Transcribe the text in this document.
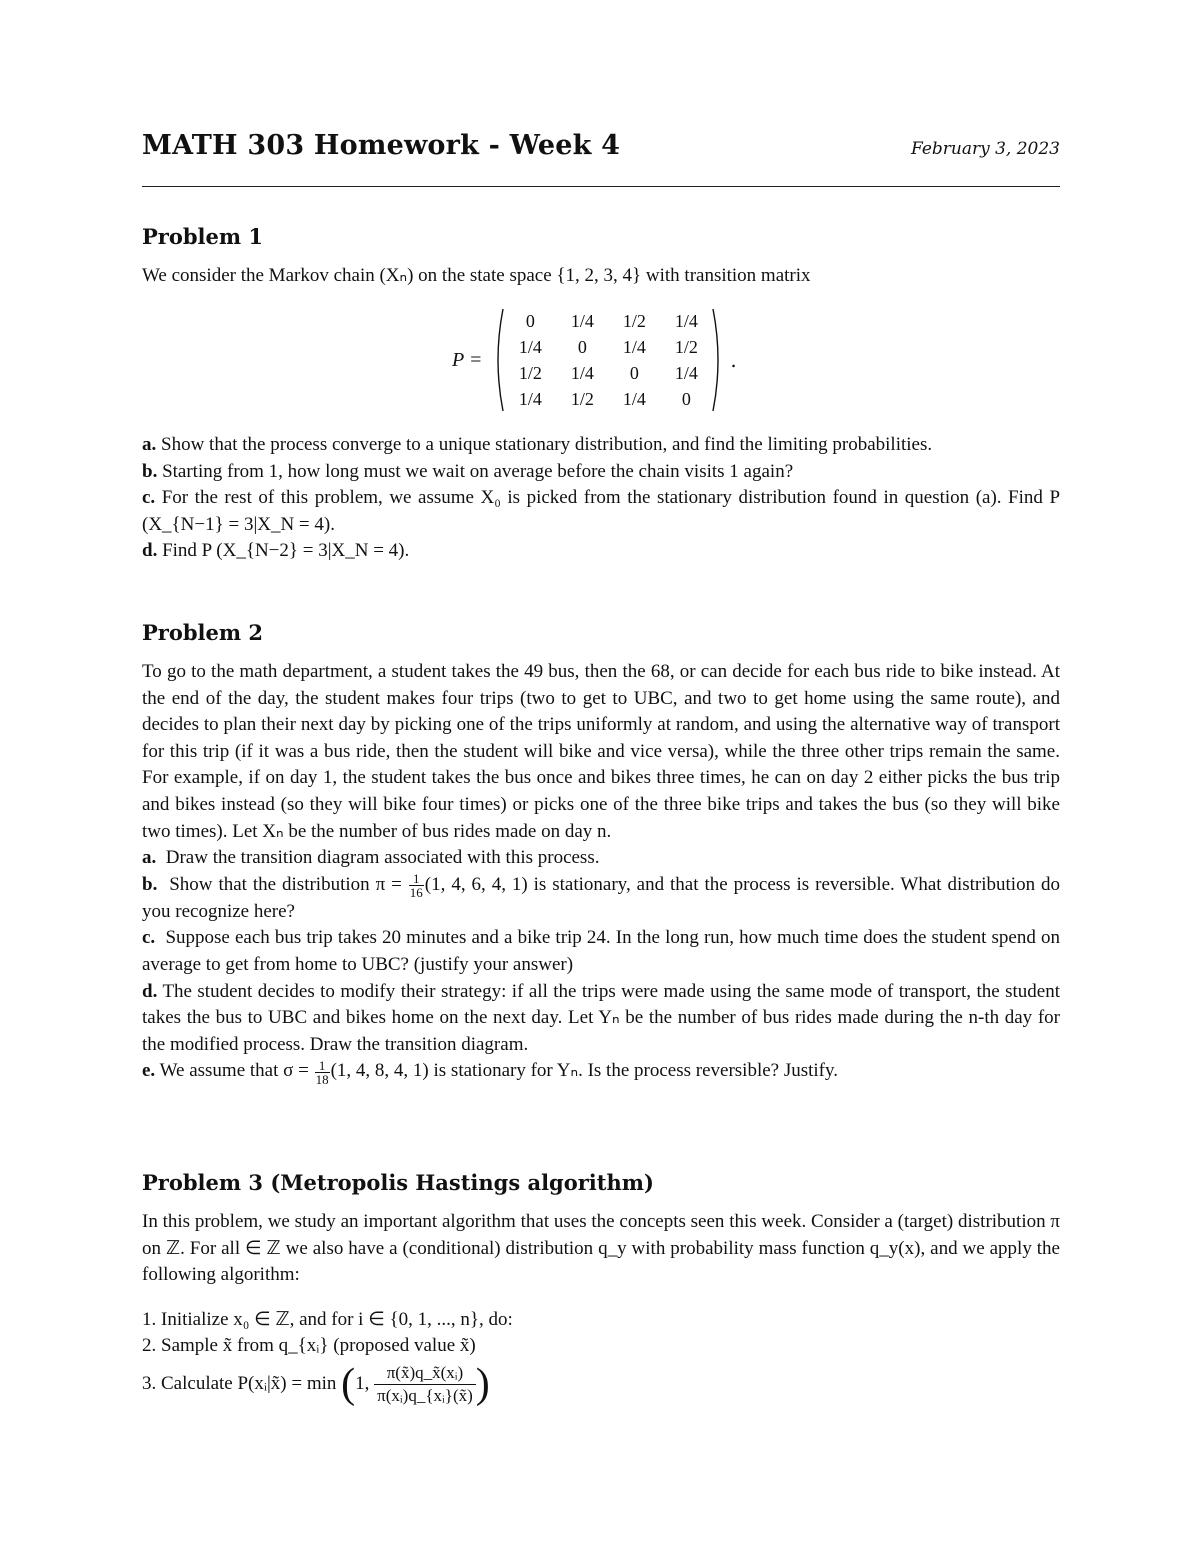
MATH 303 Homework - Week 4	February 3, 2023
Problem 1

We consider the Markov chain (Xₙ) on the state space {1, 2, 3, 4} with transition matrix

P =
0	1/4	1/2	1/4
1/4	0	1/4	1/2
1/2	1/4	0	1/4
1/4	1/2	1/4	0
.

a. Show that the process converge to a unique stationary distribution, and find the limiting probabilities.

b. Starting from 1, how long must we wait on average before the chain visits 1 again?

c. For the rest of this problem, we assume X₀ is picked from the stationary distribution found in question (a). Find P (X_{N−1} = 3|X_N = 4).

d. Find P (X_{N−2} = 3|X_N = 4).

Problem 2

To go to the math department, a student takes the 49 bus, then the 68, or can decide for each bus ride to bike instead. At the end of the day, the student makes four trips (two to get to UBC, and two to get home using the same route), and decides to plan their next day by picking one of the trips uniformly at random, and using the alternative way of transport for this trip (if it was a bus ride, then the student will bike and vice versa), while the three other trips remain the same. For example, if on day 1, the student takes the bus once and bikes three times, he can on day 2 either picks the bus trip and bikes instead (so they will bike four times) or picks one of the three bike trips and takes the bus (so they will bike two times). Let Xₙ be the number of bus rides made on day n.

a. Draw the transition diagram associated with this process.

b. Show that the distribution $\pi = \frac{1}{16} (1$, 4, 6, 4, 1) is stationary, and that the process is reversible. What distribution do you recognize here?

c. Suppose each bus trip takes 20 minutes and a bike trip 24. In the long run, how much time does the student spend on average to get from home to UBC? (justify your answer)

d. The student decides to modify their strategy: if all the trips were made using the same mode of transport, the student takes the bus to UBC and bikes home on the next day. Let Yₙ be the number of bus rides made during the n-th day for the modified process. Draw the transition diagram.

e. We assume that $\sigma = \frac{1}{18} (1$, 4, 8, 4, 1) is stationary for Yₙ. Is the process reversible? Justify.

Problem 3 (Metropolis Hastings algorithm)

In this problem, we study an important algorithm that uses the concepts seen this week. Consider a (target) distribution π on ℤ. For all ∈ ℤ we also have a (conditional) distribution q_y with probability mass function q_y(x), and we apply the following algorithm:

1. Initialize x₀ ∈ ℤ, and for i ∈ {0, 1, ..., n}, do:

2. Sample x̃ from q_{xᵢ} (proposed value x̃)

3. Calculate P(xᵢ|x̃) = min (1, $\frac{\text{π(x̃)q\_x̃(xᵢ)}}{\text{π(xᵢ)q\_\{xᵢ\}(x̃)}}$ )
